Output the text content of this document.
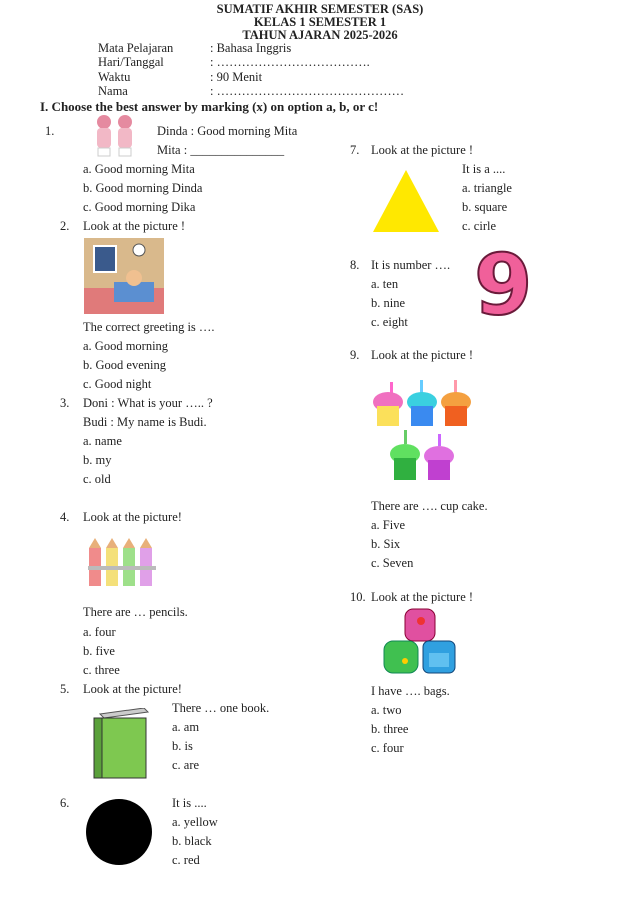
SUMATIF AKHIR SEMESTER (SAS)
KELAS 1 SEMESTER 1
TAHUN AJARAN 2025-2026
Mata Pelajaran	: Bahasa Inggris
Hari/Tanggal	: ……………………………….
Waktu	: 90 Menit
Nama	: ………………………………………
I. Choose the best answer by marking (x) on option a, b, or c!
1.	Dinda : Good morning Mita
Mita : _______________
a. Good morning Mita
b. Good morning Dinda
c. Good morning Dika
2. Look at the picture !
The correct greeting is ….
a. Good morning
b. Good evening
c. Good night
3. Doni : What is your ….. ?
Budi : My name is Budi.
a. name
b. my
c. old
4. Look at the picture!
There are … pencils.
a. four
b. five
c. three
5. Look at the picture!
There … one book.
a. am
b. is
c. are
6.	It is ....
a. yellow
b. black
c. red
7. Look at the picture !
It is a ....
a. triangle
b. square
c. cirle
8. It is number ….
a. ten
b. nine
c. eight 9
9. Look at the picture !
There are …. cup cake.
a. Five
b. Six
c. Seven
10. Look at the picture !
I have …. bags.
a. two
b. three
c. four
